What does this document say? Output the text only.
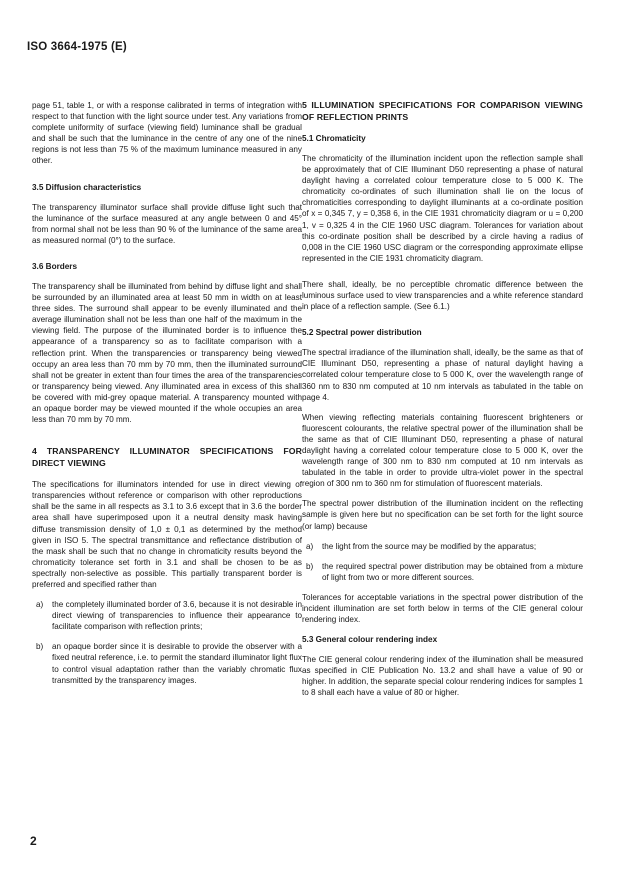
ISO 3664-1975 (E)

page 51, table 1, or with a response calibrated in terms of integration with respect to that function with the light source under test. Any variations from complete uniformity of surface (viewing field) luminance shall be gradual and shall be such that the luminance in the centre of any one of the nine regions is not less than 75 % of the maximum luminance measured in any other.

3.5 Diffusion characteristics

The transparency illuminator surface shall provide diffuse light such that the luminance of the surface measured at any angle between 0 and 45° from normal shall not be less than 90 % of the luminance of the same area as measured normal (0°) to the surface.

3.6 Borders

The transparency shall be illuminated from behind by diffuse light and shall be surrounded by an illuminated area at least 50 mm in width on at least three sides. The surround shall appear to be evenly illuminated and the average illumination shall not be less than one half of the maximum in the viewing field. The purpose of the illuminated border is to influence the appearance of a transparency so as to facilitate comparison with a reflection print. When the transparencies or transparency being viewed occupy an area less than 70 mm by 70 mm, then the illuminated surround shall not be greater in extent than four times the area of the transparencies or transparency being viewed. Any illuminated area in excess of this shall be covered with mid-grey opaque material. A transparency mounted with an opaque border may be viewed mounted if the whole occupies an area less than 70 mm by 70 mm.

4 TRANSPARENCY ILLUMINATOR SPECIFICATIONS FOR DIRECT VIEWING

The specifications for illuminators intended for use in direct viewing of transparencies without reference or comparison with other reproductions shall be the same in all respects as 3.1 to 3.6 except that in 3.6 the border area shall have superimposed upon it a neutral density mask having diffuse transmission density of 1,0 ± 0,1 as determined by the method given in ISO 5. The spectral transmittance and reflectance distribution of the mask shall be such that no change in chromaticity results beyond the chromaticity tolerance set forth in 3.1 and shall be chosen to be as spectrally non-selective as possible. This partially transparent border is preferred and specified rather than

a)	the completely illuminated border of 3.6, because it is not desirable in direct viewing of transparencies to influence their appearance to facilitate comparison with reflection prints;
b)	an opaque border since it is desirable to provide the observer with a fixed neutral reference, i.e. to permit the standard illuminator light flux to control visual adaptation rather than the variably chromatic flux transmitted by the transparency images.
5 ILLUMINATION SPECIFICATIONS FOR COMPARISON VIEWING OF REFLECTION PRINTS
5.1 Chromaticity

The chromaticity of the illumination incident upon the reflection sample shall be approximately that of CIE Illuminant D50 representing a phase of natural daylight having a correlated colour temperature close to 5 000 K. The chromaticity co-ordinates of such illumination shall lie on the locus of chromaticities corresponding to daylight illuminants at a co-ordinate position of x = 0,345 7, y = 0,358 6, in the CIE 1931 chromaticity diagram or u = 0,200 1, v = 0,325 4 in the CIE 1960 USC diagram. Tolerances for variation about this co-ordinate position shall be described by a circle having a radius of 0,008 in the CIE 1960 USC diagram or the corresponding approximate ellipse represented in the CIE 1931 chromaticity diagram.

There shall, ideally, be no perceptible chromatic difference between the luminous surface used to view transparencies and a white reference standard in place of a reflection sample. (See 6.1.)

5.2 Spectral power distribution

The spectral irradiance of the illumination shall, ideally, be the same as that of CIE Illuminant D50, representing a phase of natural daylight having a correlated colour temperature close to 5 000 K, over the wavelength range of 360 nm to 830 nm computed at 10 nm intervals as tabulated in the table on page 4.

When viewing reflecting materials containing fluorescent brighteners or fluorescent colourants, the relative spectral power of the illumination shall be the same as that of CIE Illuminant D50, representing a phase of natural daylight having a correlated colour temperature close to 5 000 K, over the wavelength range of 300 nm to 830 nm computed at 10 nm intervals as tabulated in the table in order to provide ultra-violet power in the spectral region of 300 nm to 360 nm for stimulation of fluorescent materials.

The spectral power distribution of the illumination incident on the reflecting sample is given here but no specification can be set forth for the light source (or lamp) because

a)	the light from the source may be modified by the apparatus;
b)	the required spectral power distribution may be obtained from a mixture of light from two or more different sources.

Tolerances for acceptable variations in the spectral power distribution of the incident illumination are set forth below in terms of the CIE general colour rendering index.

5.3 General colour rendering index

The CIE general colour rendering index of the illumination shall be measured as specified in CIE Publication No. 13.2 and shall have a value of 90 or higher. In addition, the separate special colour rendering indices for samples 1 to 8 shall each have a value of 80 or higher.

2
